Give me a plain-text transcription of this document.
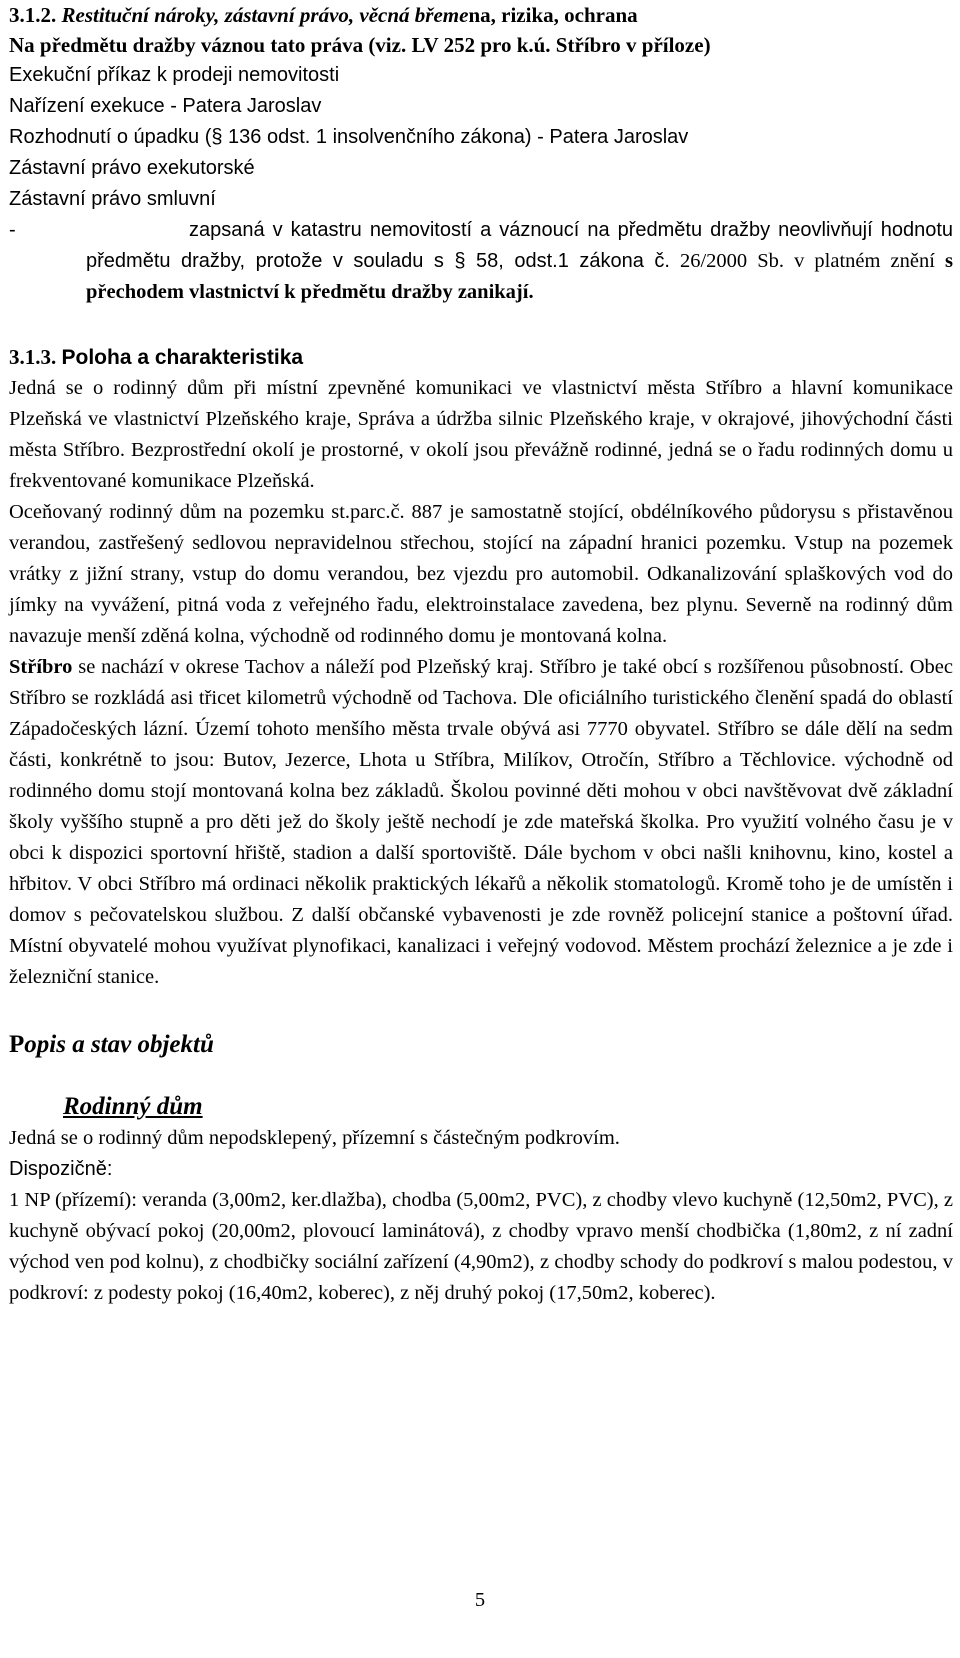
3.1.2. Restituční nároky, zástavní právo, věcná břemena, rizika, ochrana
Na předmětu dražby váznou tato práva (viz. LV 252 pro k.ú. Stříbro v příloze)

Exekuční příkaz k prodeji nemovitosti

Nařízení exekuce - Patera Jaroslav

Rozhodnutí o úpadku (§ 136 odst. 1 insolvenčního zákona) - Patera Jaroslav

Zástavní právo exekutorské

Zástavní právo smluvní

-	zapsaná v katastru nemovitostí a váznoucí na předmětu dražby neovlivňují hodnotu předmětu dražby, protože v souladu s § 58, odst.1 zákona č. 26/2000 Sb. v platném znění s přechodem vlastnictví k předmětu dražby zanikají.

3.1.3. Poloha a charakteristika

Jedná se o rodinný dům při místní zpevněné komunikaci ve vlastnictví města Stříbro a hlavní komunikace Plzeňská ve vlastnictví Plzeňského kraje, Správa a údržba silnic Plzeňského kraje, v okrajové, jihovýchodní části města Stříbro. Bezprostřední okolí je prostorné, v okolí jsou převážně rodinné, jedná se o řadu rodinných domu u frekventované komunikace Plzeňská.

Oceňovaný rodinný dům na pozemku st.parc.č. 887 je samostatně stojící, obdélníkového půdorysu s přistavěnou verandou, zastřešený sedlovou nepravidelnou střechou, stojící na západní hranici pozemku. Vstup na pozemek vrátky z jižní strany, vstup do domu verandou, bez vjezdu pro automobil. Odkanalizování splaškových vod do jímky na vyvážení, pitná voda z veřejného řadu, elektroinstalace zavedena, bez plynu. Severně na rodinný dům navazuje menší zděná kolna, východně od rodinného domu je montovaná kolna.

Stříbro se nachází v okrese Tachov a náleží pod Plzeňský kraj. Stříbro je také obcí s rozšířenou působností. Obec Stříbro se rozkládá asi třicet kilometrů východně od Tachova. Dle oficiálního turistického členění spadá do oblastí Západočeských lázní. Území tohoto menšího města trvale obývá asi 7770 obyvatel. Stříbro se dále dělí na sedm části, konkrétně to jsou: Butov, Jezerce, Lhota u Stříbra, Milíkov, Otročín, Stříbro a Těchlovice. východně od rodinného domu stojí montovaná kolna bez základů. Školou povinné děti mohou v obci navštěvovat dvě základní školy vyššího stupně a pro děti jež do školy ještě nechodí je zde mateřská školka. Pro využití volného času je v obci k dispozici sportovní hřiště, stadion a další sportoviště. Dále bychom v obci našli knihovnu, kino, kostel a hřbitov. V obci Stříbro má ordinaci několik praktických lékařů a několik stomatologů. Kromě toho je de umístěn i domov s pečovatelskou službou. Z další občanské vybavenosti je zde rovněž policejní stanice a poštovní úřad. Místní obyvatelé mohou využívat plynofikaci, kanalizaci i veřejný vodovod. Městem prochází železnice a je zde i železniční stanice.

Popis a stav objektů

Rodinný dům

Jedná se o rodinný dům nepodsklepený, přízemní s částečným podkrovím.

Dispozičně:

1 NP (přízemí): veranda (3,00m2, ker.dlažba), chodba (5,00m2, PVC), z chodby vlevo kuchyně (12,50m2, PVC), z kuchyně obývací pokoj (20,00m2, plovoucí laminátová), z chodby vpravo menší chodbička (1,80m2, z ní zadní východ ven pod kolnu), z chodbičky sociální zařízení (4,90m2), z chodby schody do podkroví s malou podestou, v podkroví: z podesty pokoj (16,40m2, koberec), z něj druhý pokoj (17,50m2, koberec).

5
